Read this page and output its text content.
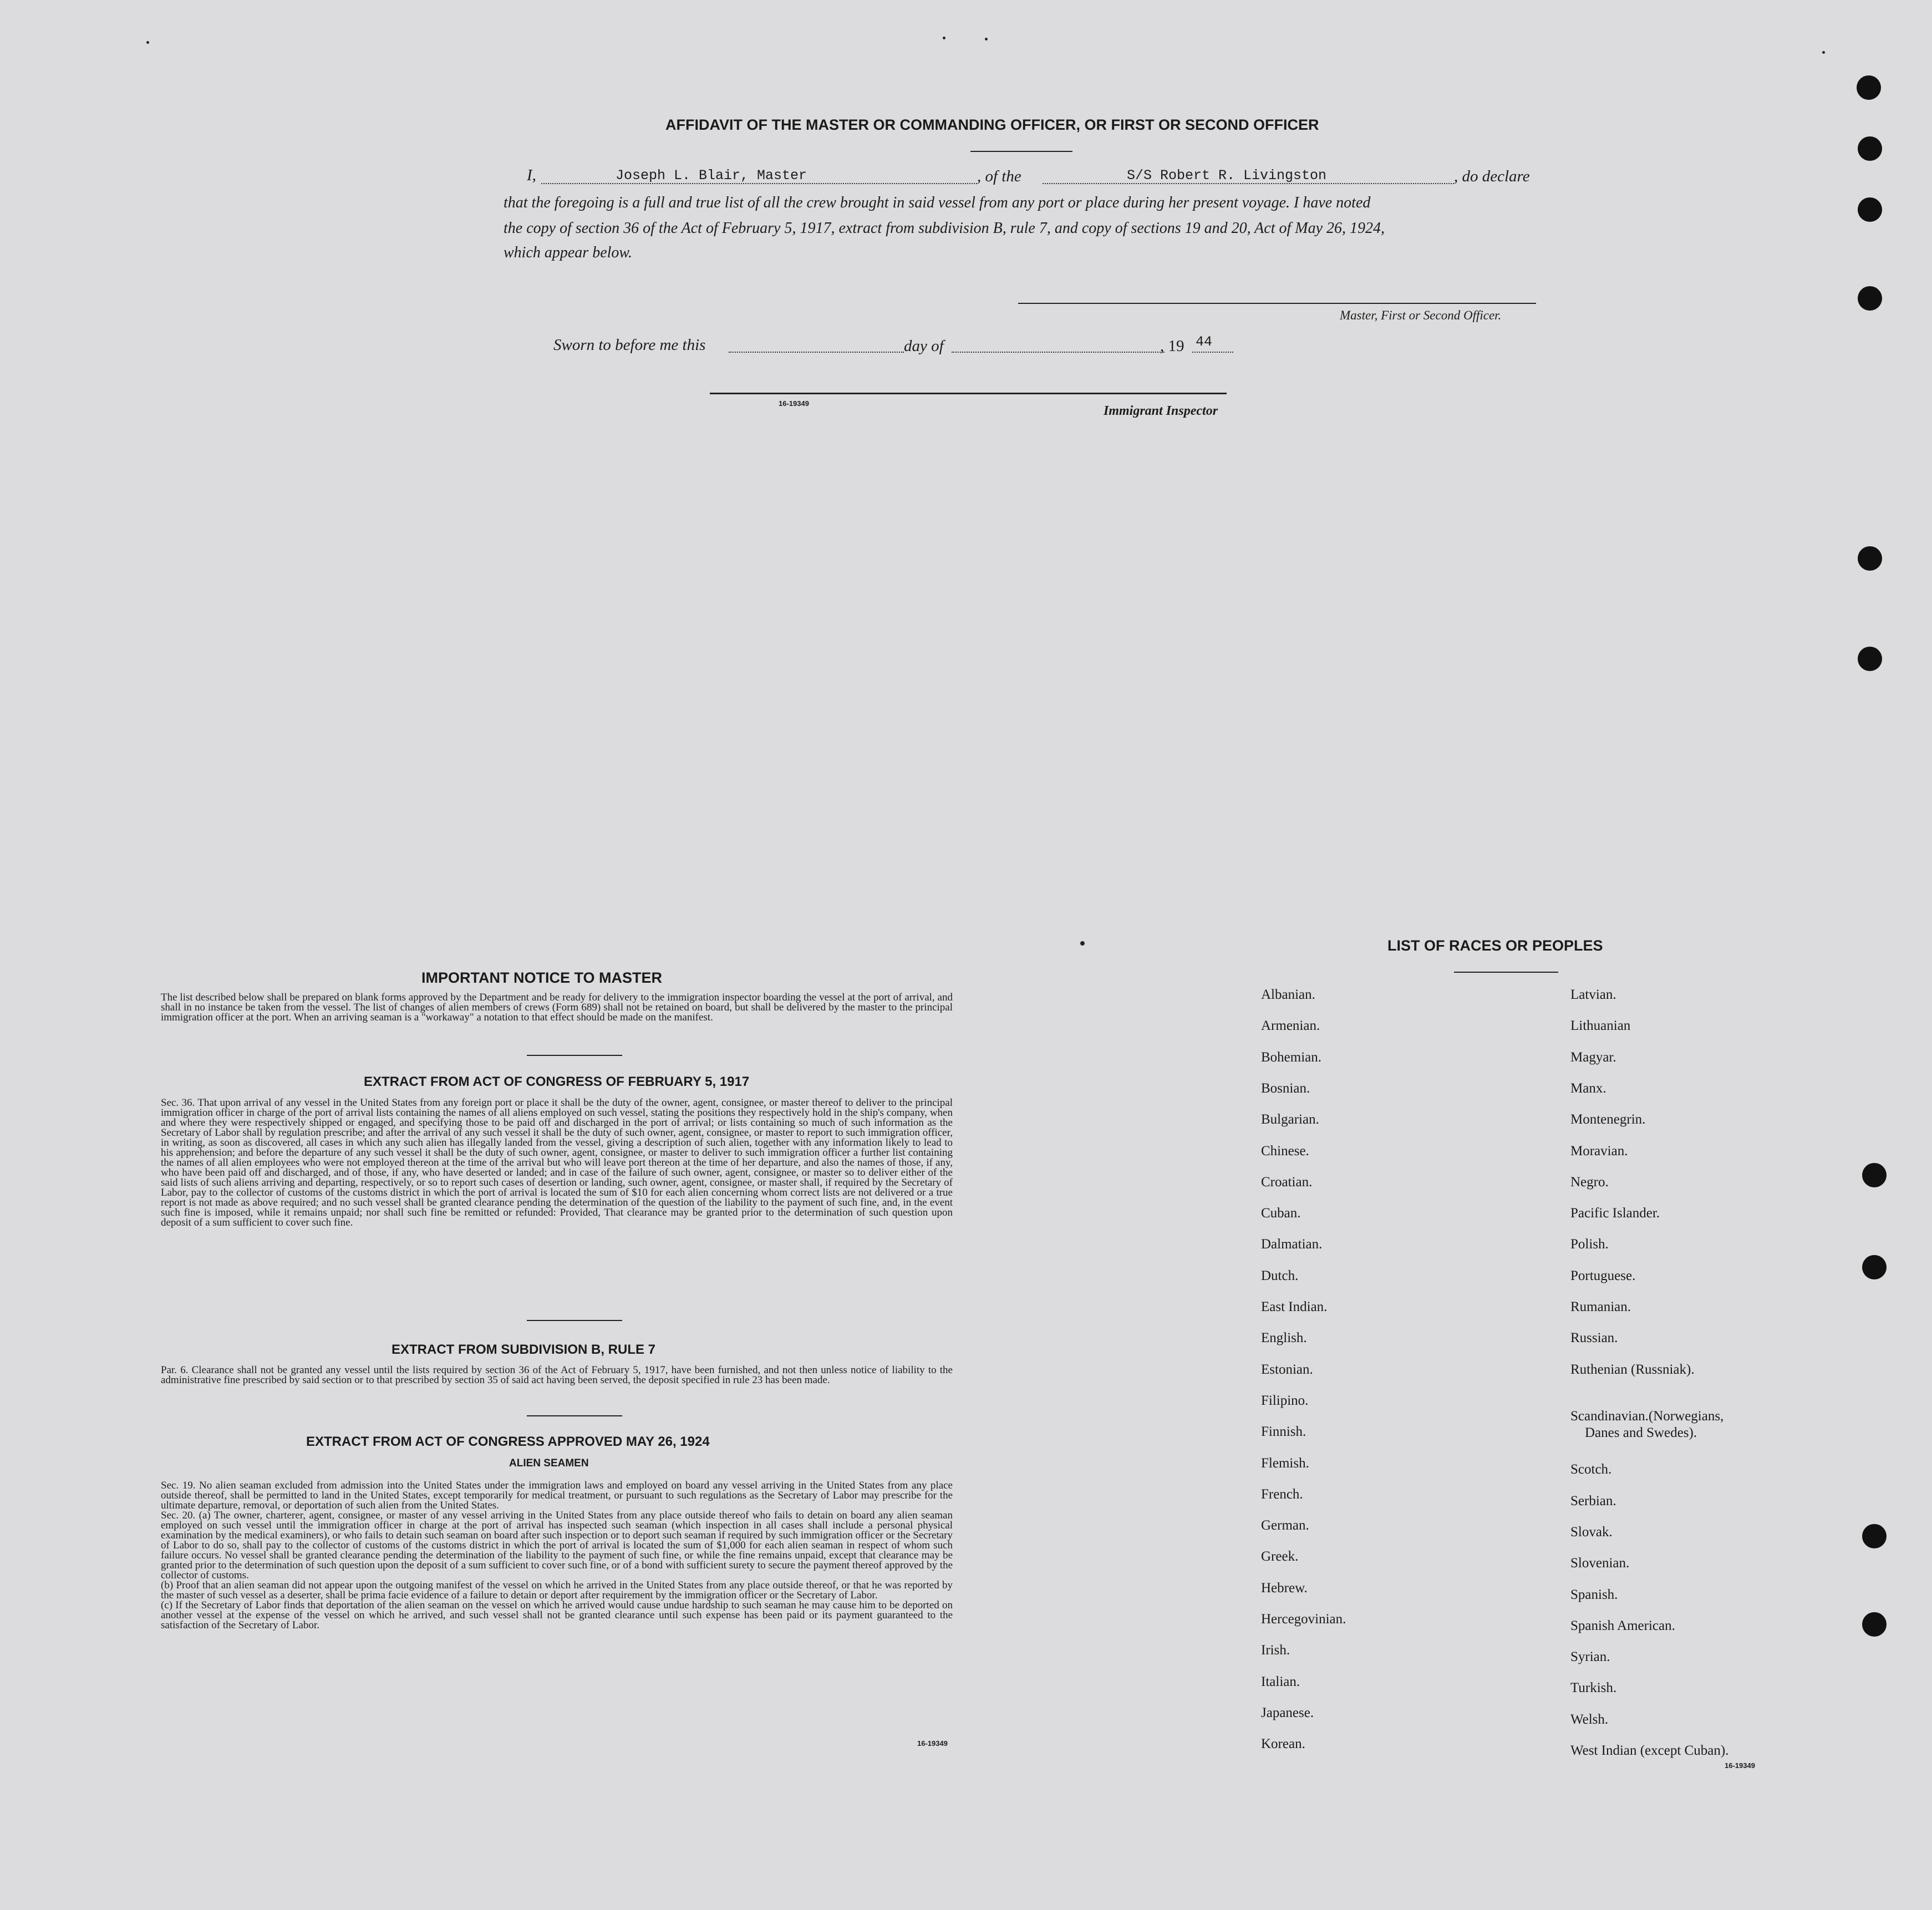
AFFIDAVIT OF THE MASTER OR COMMANDING OFFICER, OR FIRST OR SECOND OFFICER
I,	Joseph L. Blair, Master	, of the	S/S Robert R. Livingston	, do declare
that the foregoing is a full and true list of all the crew brought in said vessel from any port or place during her present voyage. I have noted
the copy of section 36 of the Act of February 5, 1917, extract from subdivision B, rule 7, and copy of sections 19 and 20, Act of May 26, 1924,
which appear below.
Master, First or Second Officer.
Sworn to before me this	day of	, 19 44
16-19349
Immigrant Inspector
IMPORTANT NOTICE TO MASTER
The list described below shall be prepared on blank forms approved by the Department and be ready for delivery to the immigration inspector boarding the vessel at the port of arrival, and shall in no instance be taken from the vessel. The list of changes of alien members of crews (Form 689) shall not be retained on board, but shall be delivered by the master to the principal immigration officer at the port. When an arriving seaman is a "workaway" a notation to that effect should be made on the manifest.
EXTRACT FROM ACT OF CONGRESS OF FEBRUARY 5, 1917
Sec. 36. That upon arrival of any vessel in the United States from any foreign port or place it shall be the duty of the owner, agent, consignee, or master thereof to deliver to the principal immigration officer in charge of the port of arrival lists containing the names of all aliens employed on such vessel, stating the positions they respectively hold in the ship's company, when and where they were respectively shipped or engaged, and specifying those to be paid off and discharged in the port of arrival; or lists containing so much of such information as the Secretary of Labor shall by regulation prescribe; and after the arrival of any such vessel it shall be the duty of such owner, agent, consignee, or master to report to such immigration officer, in writing, as soon as discovered, all cases in which any such alien has illegally landed from the vessel, giving a description of such alien, together with any information likely to lead to his apprehension; and before the departure of any such vessel it shall be the duty of such owner, agent, consignee, or master to deliver to such immigration officer a further list containing the names of all alien employees who were not employed thereon at the time of the arrival but who will leave port thereon at the time of her departure, and also the names of those, if any, who have been paid off and discharged, and of those, if any, who have deserted or landed; and in case of the failure of such owner, agent, consignee, or master so to deliver either of the said lists of such aliens arriving and departing, respectively, or so to report such cases of desertion or landing, such owner, agent, consignee, or master shall, if required by the Secretary of Labor, pay to the collector of customs of the customs district in which the port of arrival is located the sum of $10 for each alien concerning whom correct lists are not delivered or a true report is not made as above required; and no such vessel shall be granted clearance pending the determination of the question of the liability to the payment of such fine, and, in the event such fine is imposed, while it remains unpaid; nor shall such fine be remitted or refunded: Provided, That clearance may be granted prior to the determination of such question upon deposit of a sum sufficient to cover such fine.
EXTRACT FROM SUBDIVISION B, RULE 7
Par. 6. Clearance shall not be granted any vessel until the lists required by section 36 of the Act of February 5, 1917, have been furnished, and not then unless notice of liability to the administrative fine prescribed by said section or to that prescribed by section 35 of said act having been served, the deposit specified in rule 23 has been made.
EXTRACT FROM ACT OF CONGRESS APPROVED MAY 26, 1924
ALIEN SEAMEN

Sec. 19. No alien seaman excluded from admission into the United States under the immigration laws and employed on board any vessel arriving in the United States from any place outside thereof, shall be permitted to land in the United States, except temporarily for medical treatment, or pursuant to such regulations as the Secretary of Labor may prescribe for the ultimate departure, removal, or deportation of such alien from the United States.

Sec. 20. (a) The owner, charterer, agent, consignee, or master of any vessel arriving in the United States from any place outside thereof who fails to detain on board any alien seaman employed on such vessel until the immigration officer in charge at the port of arrival has inspected such seaman (which inspection in all cases shall include a personal physical examination by the medical examiners), or who fails to detain such seaman on board after such inspection or to deport such seaman if required by such immigration officer or the Secretary of Labor to do so, shall pay to the collector of customs of the customs district in which the port of arrival is located the sum of $1,000 for each alien seaman in respect of whom such failure occurs. No vessel shall be granted clearance pending the determination of the liability to the payment of such fine, or while the fine remains unpaid, except that clearance may be granted prior to the determination of such question upon the deposit of a sum sufficient to cover such fine, or of a bond with sufficient surety to secure the payment thereof approved by the collector of customs.

(b) Proof that an alien seaman did not appear upon the outgoing manifest of the vessel on which he arrived in the United States from any place outside thereof, or that he was reported by the master of such vessel as a deserter, shall be prima facie evidence of a failure to detain or deport after requirement by the immigration officer or the Secretary of Labor.

(c) If the Secretary of Labor finds that deportation of the alien seaman on the vessel on which he arrived would cause undue hardship to such seaman he may cause him to be deported on another vessel at the expense of the vessel on which he arrived, and such vessel shall not be granted clearance until such expense has been paid or its payment guaranteed to the satisfaction of the Secretary of Labor.

16-19349
LIST OF RACES OR PEOPLES
Albanian.
Armenian.
Bohemian.
Bosnian.
Bulgarian.
Chinese.
Croatian.
Cuban.
Dalmatian.
Dutch.
East Indian.
English.
Estonian.
Filipino.
Finnish.
Flemish.
French.
German.
Greek.
Hebrew.
Hercegovinian.
Irish.
Italian.
Japanese.
Korean.
Latvian.
Lithuanian
Magyar.
Manx.
Montenegrin.
Moravian.
Negro.
Pacific Islander.
Polish.
Portuguese.
Rumanian.
Russian.
Ruthenian (Russniak).
Scandinavian.(Norwegians,
Danes and Swedes).
Scotch.
Serbian.
Slovak.
Slovenian.
Spanish.
Spanish American.
Syrian.
Turkish.
Welsh.
West Indian (except Cuban).
16-19349
